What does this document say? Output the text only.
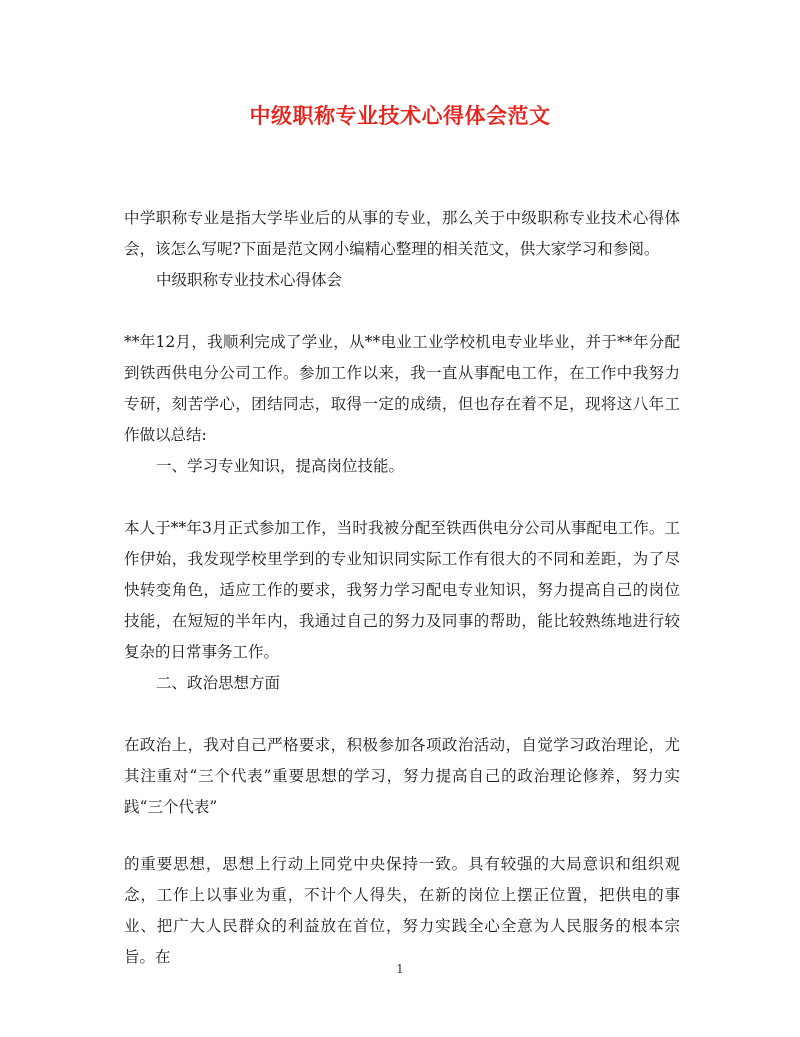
中级职称专业技术心得体会范文

中学职称专业是指大学毕业后的从事的专业，那么关于中级职称专业技术心得体会，该怎么写呢?下面是范文网小编精心整理的相关范文，供大家学习和参阅。

中级职称专业技术心得体会

**年12月，我顺利完成了学业，从**电业工业学校机电专业毕业，并于**年分配到铁西供电分公司工作。参加工作以来，我一直从事配电工作，在工作中我努力专研，刻苦学心，团结同志，取得一定的成绩，但也存在着不足，现将这八年工作做以总结:

一、学习专业知识，提高岗位技能。

本人于**年3月正式参加工作，当时我被分配至铁西供电分公司从事配电工作。工作伊始，我发现学校里学到的专业知识同实际工作有很大的不同和差距，为了尽快转变角色，适应工作的要求，我努力学习配电专业知识，努力提高自己的岗位技能，在短短的半年内，我通过自己的努力及同事的帮助，能比较熟练地进行较复杂的日常事务工作。

二、政治思想方面

在政治上，我对自己严格要求，积极参加各项政治活动，自觉学习政治理论，尤其注重对“三个代表”重要思想的学习，努力提高自己的政治理论修养，努力实践“三个代表”

的重要思想，思想上行动上同党中央保持一致。具有较强的大局意识和组织观念，工作上以事业为重，不计个人得失，在新的岗位上摆正位置，把供电的事业、把广大人民群众的利益放在首位，努力实践全心全意为人民服务的根本宗旨。在

1
